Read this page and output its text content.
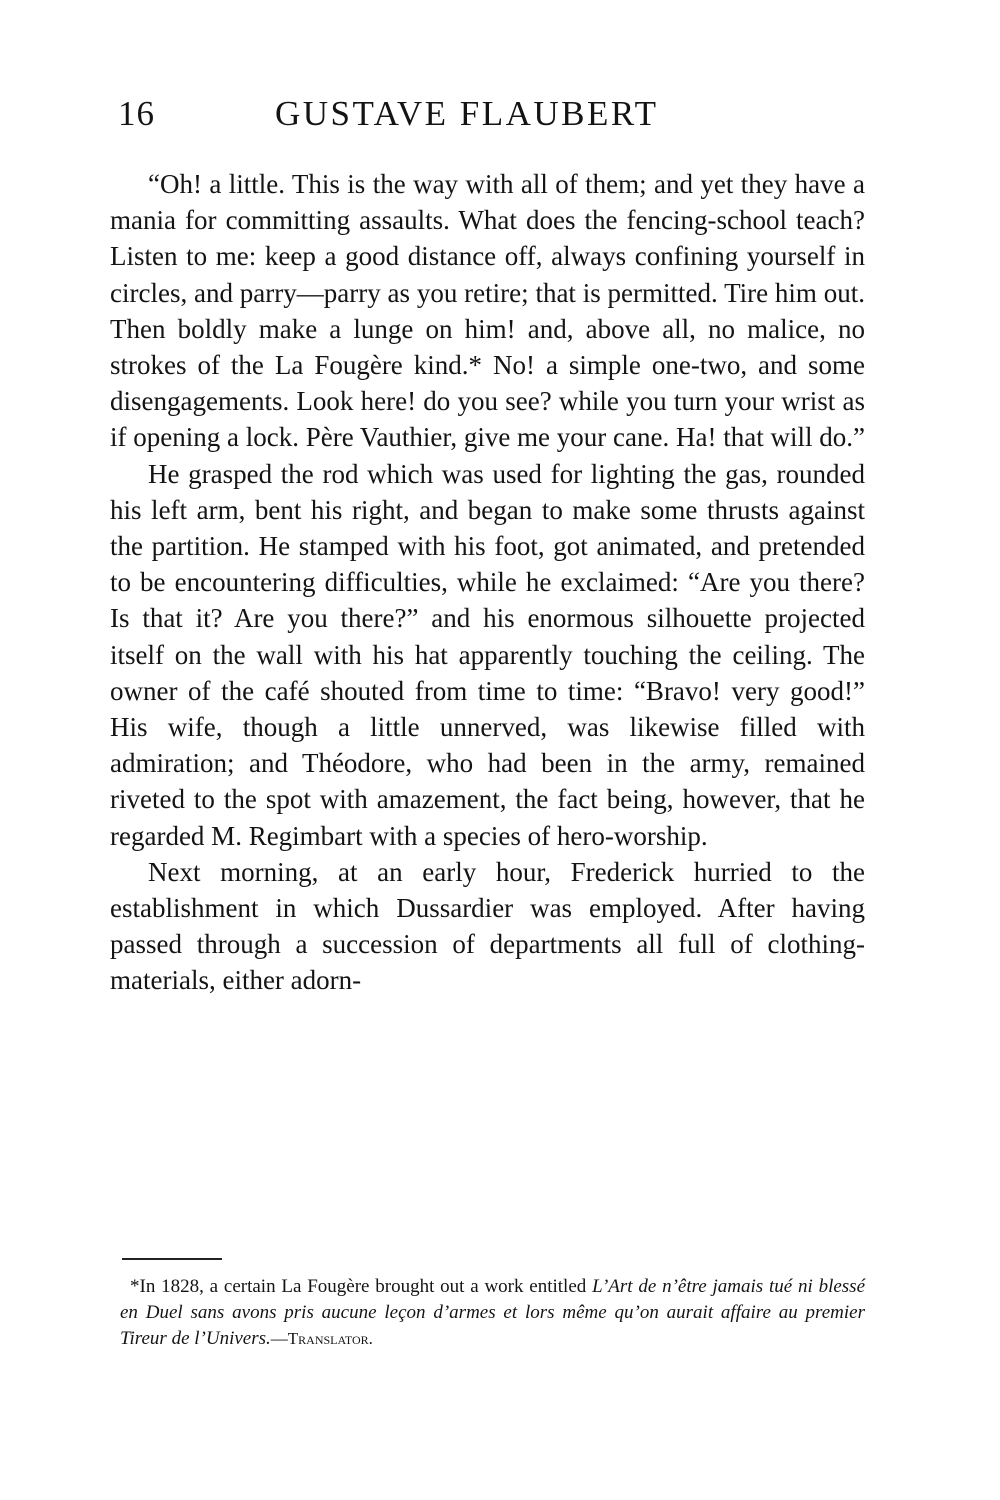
16	GUSTAVE FLAUBERT

“Oh! a little. This is the way with all of them; and yet they have a mania for committing assaults. What does the fencing-school teach? Listen to me: keep a good distance off, always confining yourself in circles, and parry—parry as you retire; that is permitted. Tire him out. Then boldly make a lunge on him! and, above all, no malice, no strokes of the La Fougère kind.* No! a simple one-two, and some disengagements. Look here! do you see? while you turn your wrist as if opening a lock. Père Vauthier, give me your cane. Ha! that will do.”

He grasped the rod which was used for lighting the gas, rounded his left arm, bent his right, and began to make some thrusts against the partition. He stamped with his foot, got animated, and pretended to be encountering difficulties, while he exclaimed: “Are you there? Is that it? Are you there?” and his enormous silhouette projected itself on the wall with his hat apparently touching the ceiling. The owner of the café shouted from time to time: “Bravo! very good!” His wife, though a little unnerved, was likewise filled with admiration; and Théodore, who had been in the army, remained riveted to the spot with amazement, the fact being, however, that he regarded M. Regimbart with a species of hero-worship.

Next morning, at an early hour, Frederick hurried to the establishment in which Dussardier was employed. After having passed through a succession of departments all full of clothing-materials, either adorn-

*In 1828, a certain La Fougère brought out a work entitled L’Art de n’être jamais tué ni blessé en Duel sans avons pris aucune leçon d’armes et lors même qu’on aurait affaire au premier Tireur de l’Univers.—Translator.
